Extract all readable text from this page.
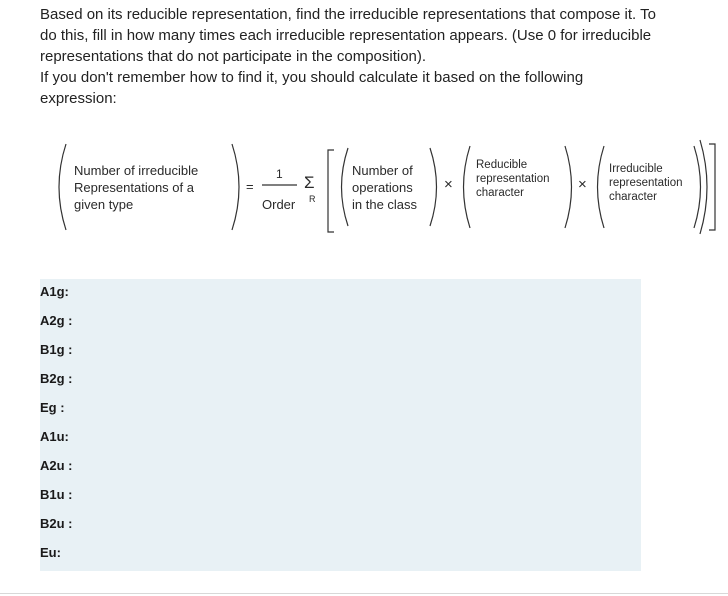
Based on its reducible representation, find the irreducible representations that compose it. To do this, fill in how many times each irreducible representation appears. (Use 0 for irreducible representations that do not participate in the composition).

If you don't remember how to find it, you should calculate it based on the following expression:

Number of irreducible
Representations of a
given type
=
1
Order
Σ
R
Number of
operations
in the class
×
Reducible
representation
character	×
Irreducible
representation
character
A1g:
A2g :
B1g :
B2g :
Eg :
A1u:
A2u :
B1u :
B2u :
Eu:
